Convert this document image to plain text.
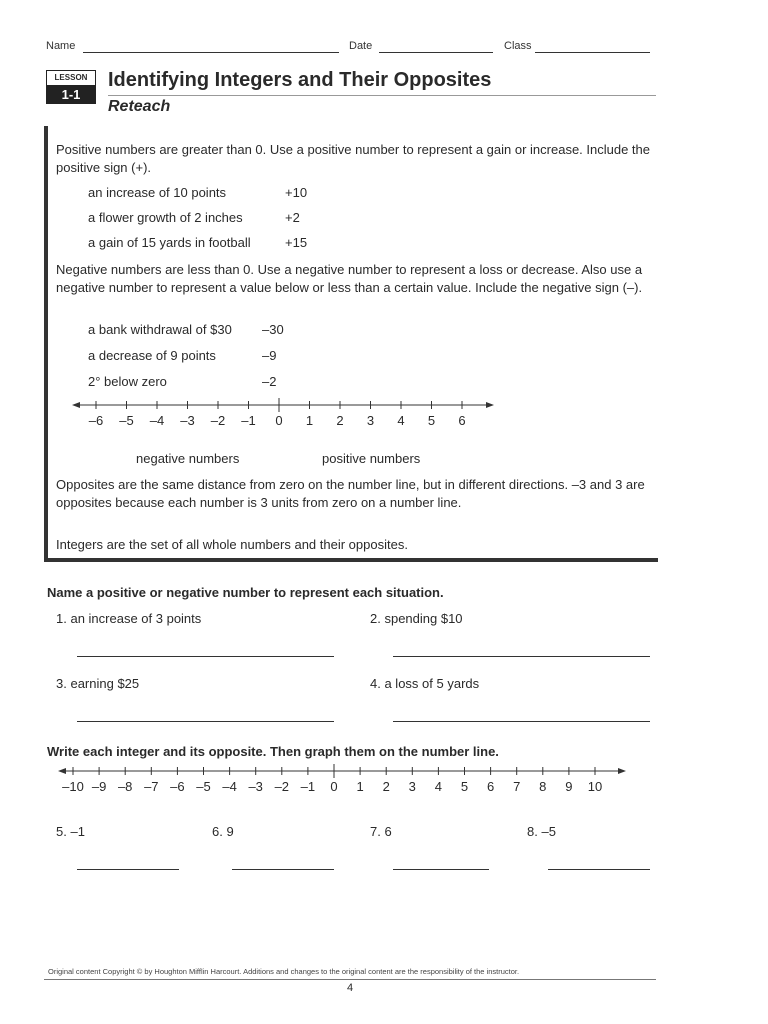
Name	Date	Class
LESSON
1-1
Identifying Integers and Their Opposites
Reteach
Positive numbers are greater than 0. Use a positive number to represent a gain or increase. Include the positive sign (+).
an increase of 10 points	+10
a flower growth of 2 inches	+2
a gain of 15 yards in football	+15
Negative numbers are less than 0. Use a negative number to represent a loss or decrease. Also use a negative number to represent a value below or less than a certain value. Include the negative sign (–).
a bank withdrawal of $30 –30
a decrease of 9 points	–9
2° below zero	–2
–6	–5	–4	–3	–2	–1	0	1	2	3	4	5	6
negative numbers	positive numbers
Opposites are the same distance from zero on the number line, but in different directions. –3 and 3 are opposites because each number is 3 units from zero on a number line.
Integers are the set of all whole numbers and their opposites.
Name a positive or negative number to represent each situation.
1. an increase of 3 points	2. spending $10
3. earning $25	4. a loss of 5 yards
Write each integer and its opposite. Then graph them on the number line.
–10 –9 –8 –7 –6 –5 –4 –3 –2 –1	0	1	2	3	4	5	6	7	8	9	10
5. –1	6. 9	7. 6	8. –5
Original content Copyright © by Houghton Mifflin Harcourt. Additions and changes to the original content are the responsibility of the instructor.
4
